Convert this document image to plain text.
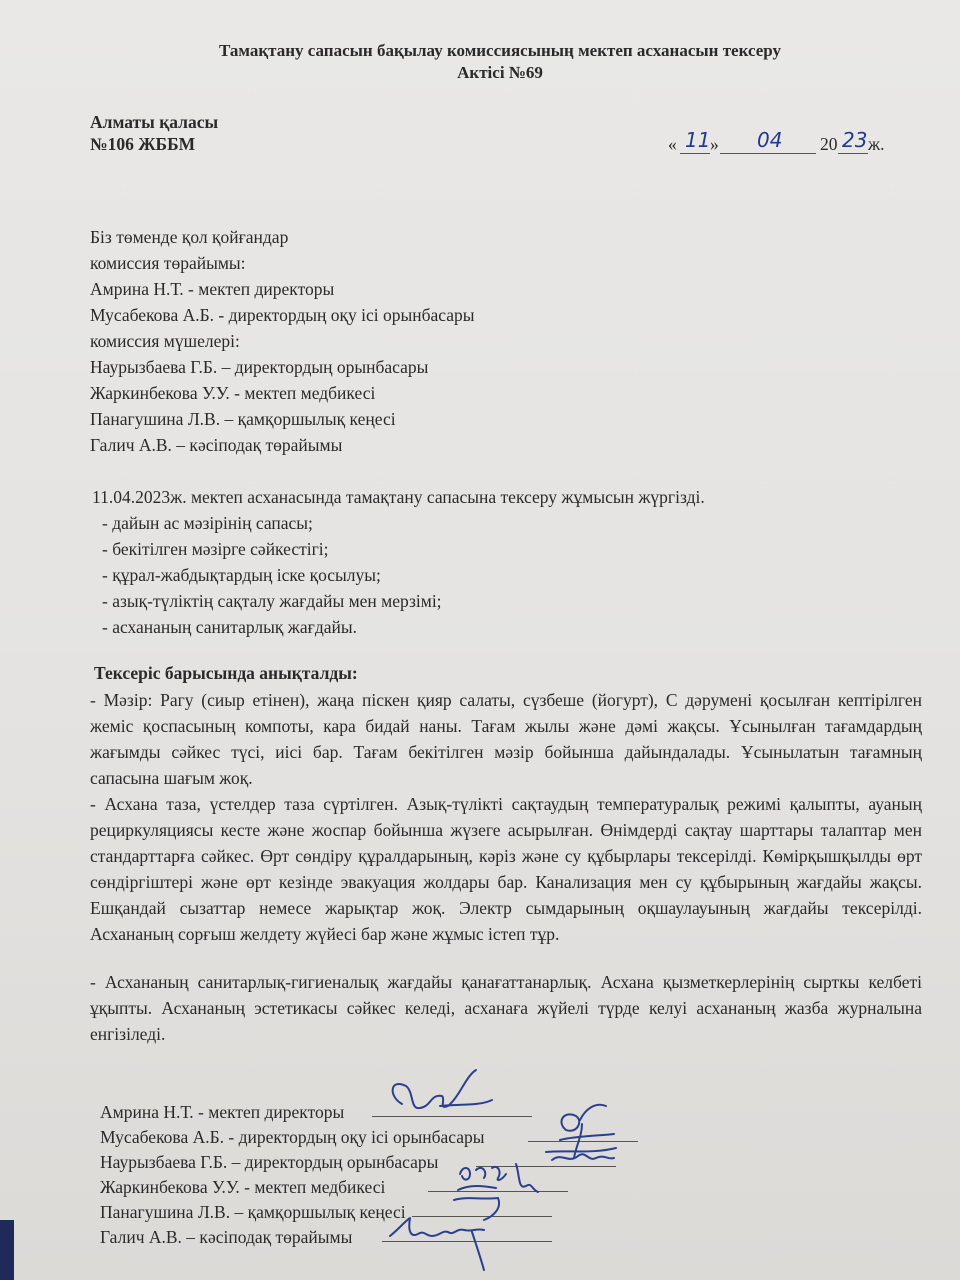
Тамақтану сапасын бақылау комиссиясының мектеп асханасын тексеру
Актісі №69
Алматы қаласы
№106 ЖББМ	« 11 » 04 20 23 ж.
Біз төменде қол қойғандар
комиссия төрайымы:
Амрина Н.Т. - мектеп директоры
Мусабекова А.Б. - директордың оқу ісі орынбасары
комиссия мүшелері:
Наурызбаева Г.Б. – директордың орынбасары
Жаркинбекова У.У. - мектеп медбикесі
Панагушина Л.В. – қамқоршылық кеңесі
Галич А.В. – кәсіподақ төрайымы
11.04.2023ж. мектеп асханасында тамақтану сапасына тексеру жұмысын жүргізді.
- дайын ас мәзірінің сапасы;
- бекітілген мәзірге сәйкестігі;
- құрал-жабдықтардың іске қосылуы;
- азық-түліктің сақталу жағдайы мен мерзімі;
- асхананың санитарлық жағдайы.
Тексеріс барысында анықталды:
- Мәзір: Рагу (сиыр етінен), жаңа піскен қияр салаты, сүзбеше (йогурт), С дәрумені қосылған кептірілген жеміс қоспасының компоты, кара бидай наны. Тағам жылы және дәмі жақсы. Ұсынылған тағамдардың жағымды сәйкес түсі, иісі бар. Тағам бекітілген мәзір бойынша дайындалады. Ұсынылатын тағамның сапасына шағым жоқ.
- Асхана таза, үстелдер таза сүртілген. Азық-түлікті сақтаудың температуралық режимі қалыпты, ауаның рециркуляциясы кесте және жоспар бойынша жүзеге асырылған. Өнімдерді сақтау шарттары талаптар мен стандарттарға сәйкес. Өрт сөндіру құралдарының, кәріз және су құбырлары тексерілді. Көмірқышқылды өрт сөндіргіштері және өрт кезінде эвакуация жолдары бар. Канализация мен су құбырының жағдайы жақсы. Ешқандай сызаттар немесе жарықтар жоқ. Электр сымдарының оқшаулауының жағдайы тексерілді. Асхананың сорғыш желдету жүйесі бар және жұмыс істеп тұр.
- Асхананың санитарлық-гигиеналық жағдайы қанағаттанарлық. Асхана қызметкерлерінің сырткы келбеті ұқыпты. Асхананың эстетикасы сәйкес келеді, асханаға жүйелі түрде келуі асхананың жазба журналына енгізіледі.
Амрина Н.Т. - мектеп директоры
Мусабекова А.Б. - директордың оқу ісі орынбасары
Наурызбаева Г.Б. – директордың орынбасары
Жаркинбекова У.У. - мектеп медбикесі
Панагушина Л.В. – қамқоршылық кеңесі
Галич А.В. – кәсіподақ төрайымы
